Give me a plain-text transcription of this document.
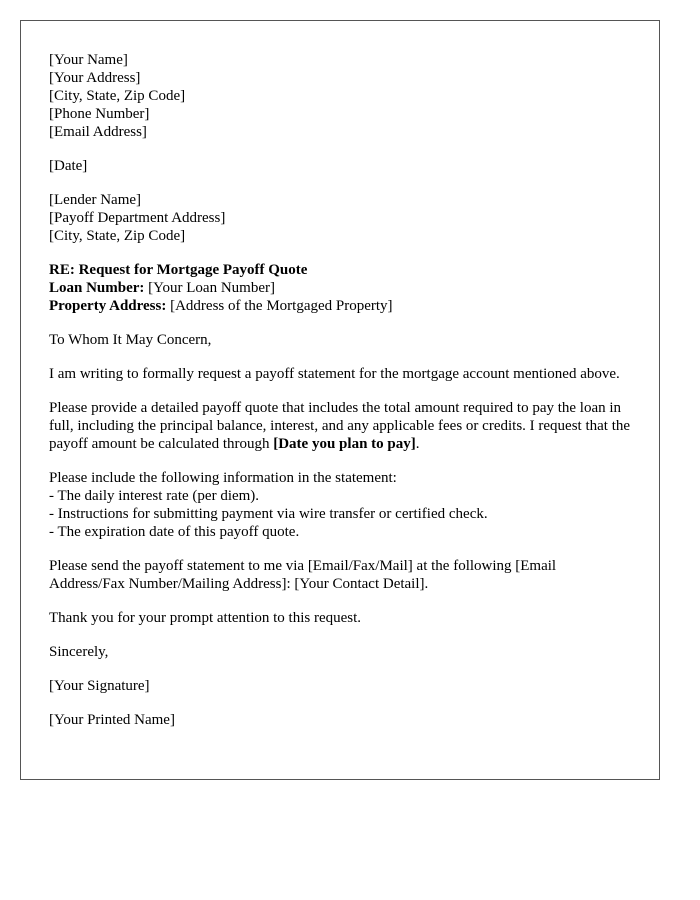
[Your Name]
[Your Address]
[City, State, Zip Code]
[Phone Number]
[Email Address]
[Date]
[Lender Name]
[Payoff Department Address]
[City, State, Zip Code]
RE: Request for Mortgage Payoff Quote
Loan Number: [Your Loan Number]
Property Address: [Address of the Mortgaged Property]

To Whom It May Concern,

I am writing to formally request a payoff statement for the mortgage account mentioned above.

Please provide a detailed payoff quote that includes the total amount required to pay the loan in full, including the principal balance, interest, and any applicable fees or credits. I request that the payoff amount be calculated through [Date you plan to pay].

Please include the following information in the statement:
- The daily interest rate (per diem).
- Instructions for submitting payment via wire transfer or certified check.
- The expiration date of this payoff quote.

Please send the payoff statement to me via [Email/Fax/Mail] at the following [Email Address/Fax Number/Mailing Address]: [Your Contact Detail].

Thank you for your prompt attention to this request.

Sincerely,

[Your Signature]

[Your Printed Name]
